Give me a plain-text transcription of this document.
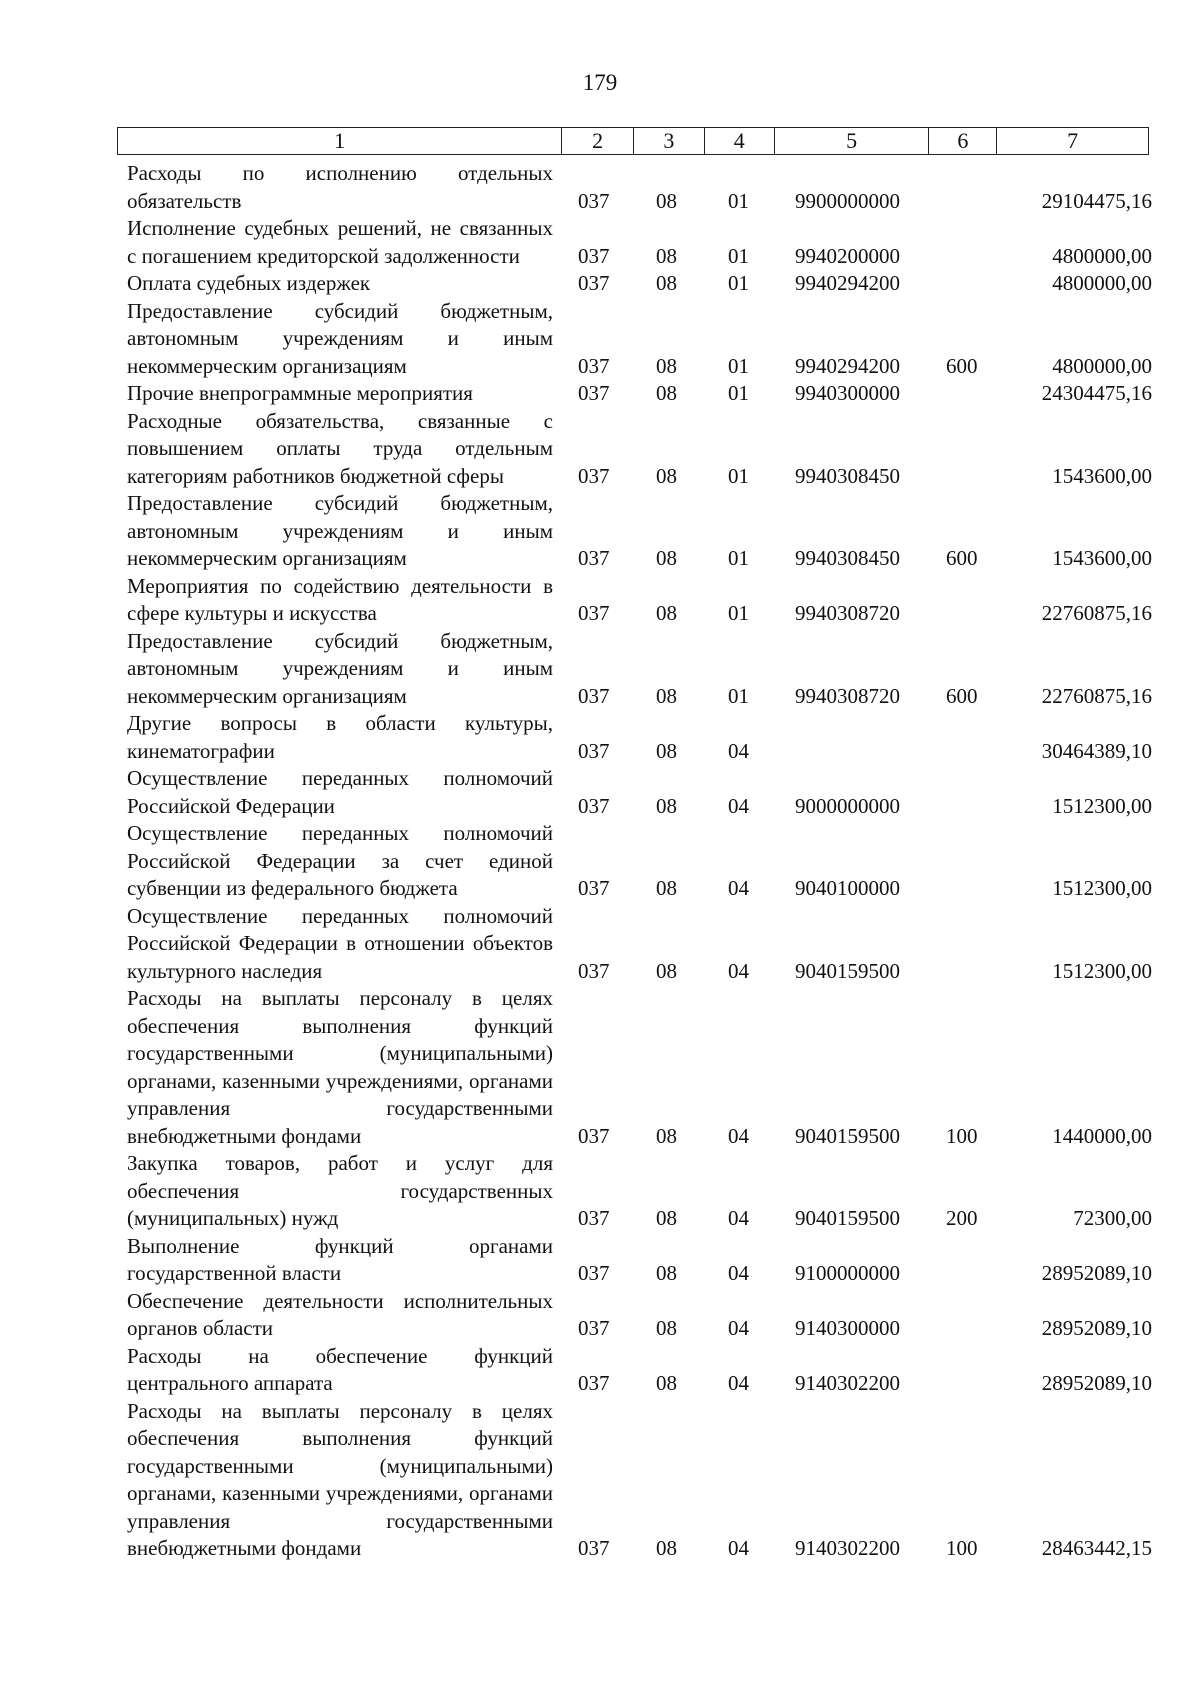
179
1	2	3	4	5	6	7
Расходы по исполнению отдельных обязательств	037 08 01 9900000000	29104475,16
Исполнение судебных решений, не связанных с погашением кредиторской задолженности	037 08 01 9940200000	4800000,00
Оплата судебных издержек	037 08 01 9940294200	4800000,00
Предоставление субсидий бюджетным, автономным учреждениям и иным некоммерческим организациям	037 08 01 9940294200 600	4800000,00
Прочие внепрограммные мероприятия	037 08 01 9940300000	24304475,16
Расходные обязательства, связанные с повышением оплаты труда отдельным категориям работников бюджетной сферы	037 08 01 9940308450	1543600,00
Предоставление субсидий бюджетным, автономным учреждениям и иным некоммерческим организациям	037 08 01 9940308450 600	1543600,00
Мероприятия по содействию деятельности в сфере культуры и искусства	037 08 01 9940308720	22760875,16
Предоставление субсидий бюджетным, автономным учреждениям и иным некоммерческим организациям	037 08 01 9940308720 600	22760875,16
Другие вопросы в области культуры, кинематографии	037 08 04	30464389,10
Осуществление переданных полномочий Российской Федерации	037 08 04 9000000000	1512300,00
Осуществление переданных полномочий Российской Федерации за счет единой субвенции из федерального бюджета	037 08 04 9040100000	1512300,00
Осуществление переданных полномочий Российской Федерации в отношении объектов культурного наследия	037 08 04 9040159500	1512300,00
Расходы на выплаты персоналу в целях обеспечения выполнения функций государственными (муниципальными) органами, казенными учреждениями, органами управления государственными внебюджетными фондами	037 08 04 9040159500 100	1440000,00
Закупка товаров, работ и услуг для обеспечения государственных (муниципальных) нужд	037 08 04 9040159500 200	72300,00
Выполнение функций органами государственной власти	037 08 04 9100000000	28952089,10
Обеспечение деятельности исполнительных органов области	037 08 04 9140300000	28952089,10
Расходы на обеспечение функций центрального аппарата	037 08 04 9140302200	28952089,10
Расходы на выплаты персоналу в целях обеспечения выполнения функций государственными (муниципальными) органами, казенными учреждениями, органами управления государственными внебюджетными фондами	037 08 04 9140302200 100	28463442,15
